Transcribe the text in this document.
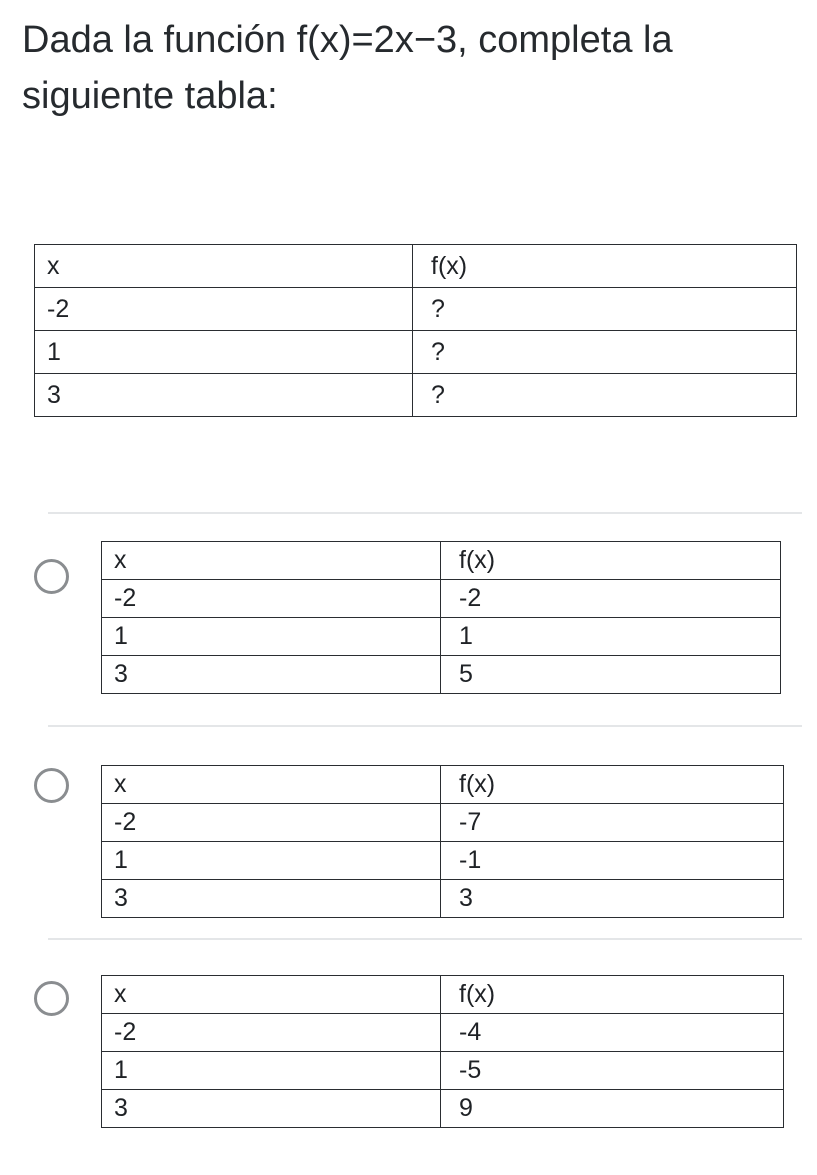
Dada la función f(x)=2x−3, completa la siguiente tabla:

x	f(x)
-2	?
1	?
3	?
x	f(x)
-2	-2
1	1
3	5
x	f(x)
-2	-7
1	-1
3	3
x	f(x)
-2	-4
1	-5
3	9
